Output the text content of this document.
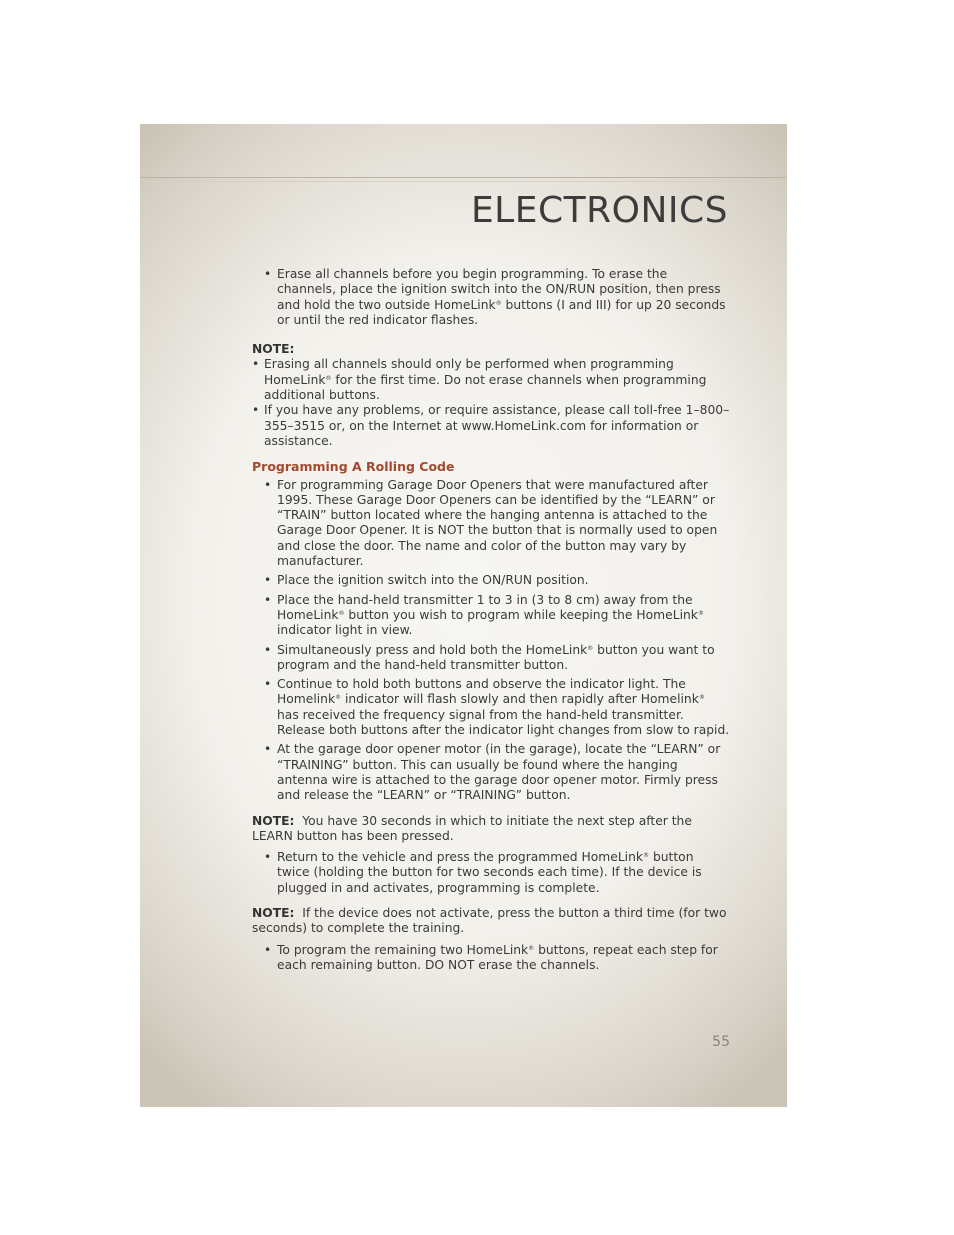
ELECTRONICS
• Erase all channels before you begin programming. To erase the channels, place the ignition switch into the ON/RUN position, then press and hold the two outside HomeLink® buttons (I and III) for up 20 seconds or until the red indicator flashes.
NOTE:
• Erasing all channels should only be performed when programming HomeLink® for the first time. Do not erase channels when programming additional buttons.
• If you have any problems, or require assistance, please call toll-free 1–800–355–3515 or, on the Internet at www.HomeLink.com for information or assistance.
Programming A Rolling Code
• For programming Garage Door Openers that were manufactured after 1995. These Garage Door Openers can be identified by the “LEARN” or “TRAIN” button located where the hanging antenna is attached to the Garage Door Opener. It is NOT the button that is normally used to open and close the door. The name and color of the button may vary by manufacturer.
• Place the ignition switch into the ON/RUN position.
• Place the hand-held transmitter 1 to 3 in (3 to 8 cm) away from the HomeLink® button you wish to program while keeping the HomeLink® indicator light in view.
• Simultaneously press and hold both the HomeLink® button you want to program and the hand-held transmitter button.
• Continue to hold both buttons and observe the indicator light. The Homelink® indicator will flash slowly and then rapidly after Homelink® has received the frequency signal from the hand-held transmitter. Release both buttons after the indicator light changes from slow to rapid.
• At the garage door opener motor (in the garage), locate the “LEARN” or “TRAINING” button. This can usually be found where the hanging antenna wire is attached to the garage door opener motor. Firmly press and release the “LEARN” or “TRAINING” button.

NOTE: You have 30 seconds in which to initiate the next step after the LEARN button has been pressed.

• Return to the vehicle and press the programmed HomeLink® button twice (holding the button for two seconds each time). If the device is plugged in and activates, programming is complete.

NOTE: If the device does not activate, press the button a third time (for two seconds) to complete the training.

• To program the remaining two HomeLink® buttons, repeat each step for each remaining button. DO NOT erase the channels.
55
